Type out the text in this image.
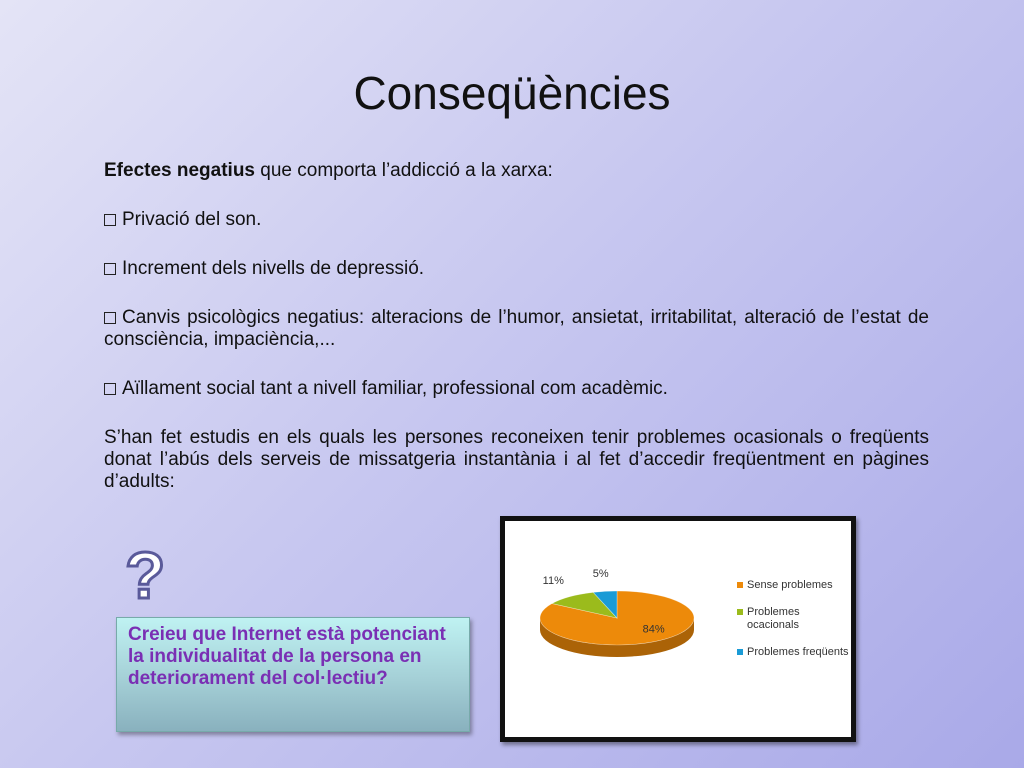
Conseqüències

Efectes negatius que comporta l’addicció a la xarxa:

Privació del son.

Increment dels nivells de depressió.

Canvis psicològics negatius: alteracions de l’humor, ansietat, irritabilitat, alteració de l’estat de consciència, impaciència,...

Aïllament social tant a nivell familiar, professional com acadèmic.

S’han fet estudis en els quals les persones reconeixen tenir problemes ocasionals o freqüents donat l’abús dels serveis de missatgeria instantània i al fet d’accedir freqüentment en pàgines d’adults:

?
Creieu que Internet està potenciant la individualitat de la persona en deteriorament del col·lectiu?
84%
11%
5%
Sense problemes
Problemes ocacionals
Problemes freqüents
